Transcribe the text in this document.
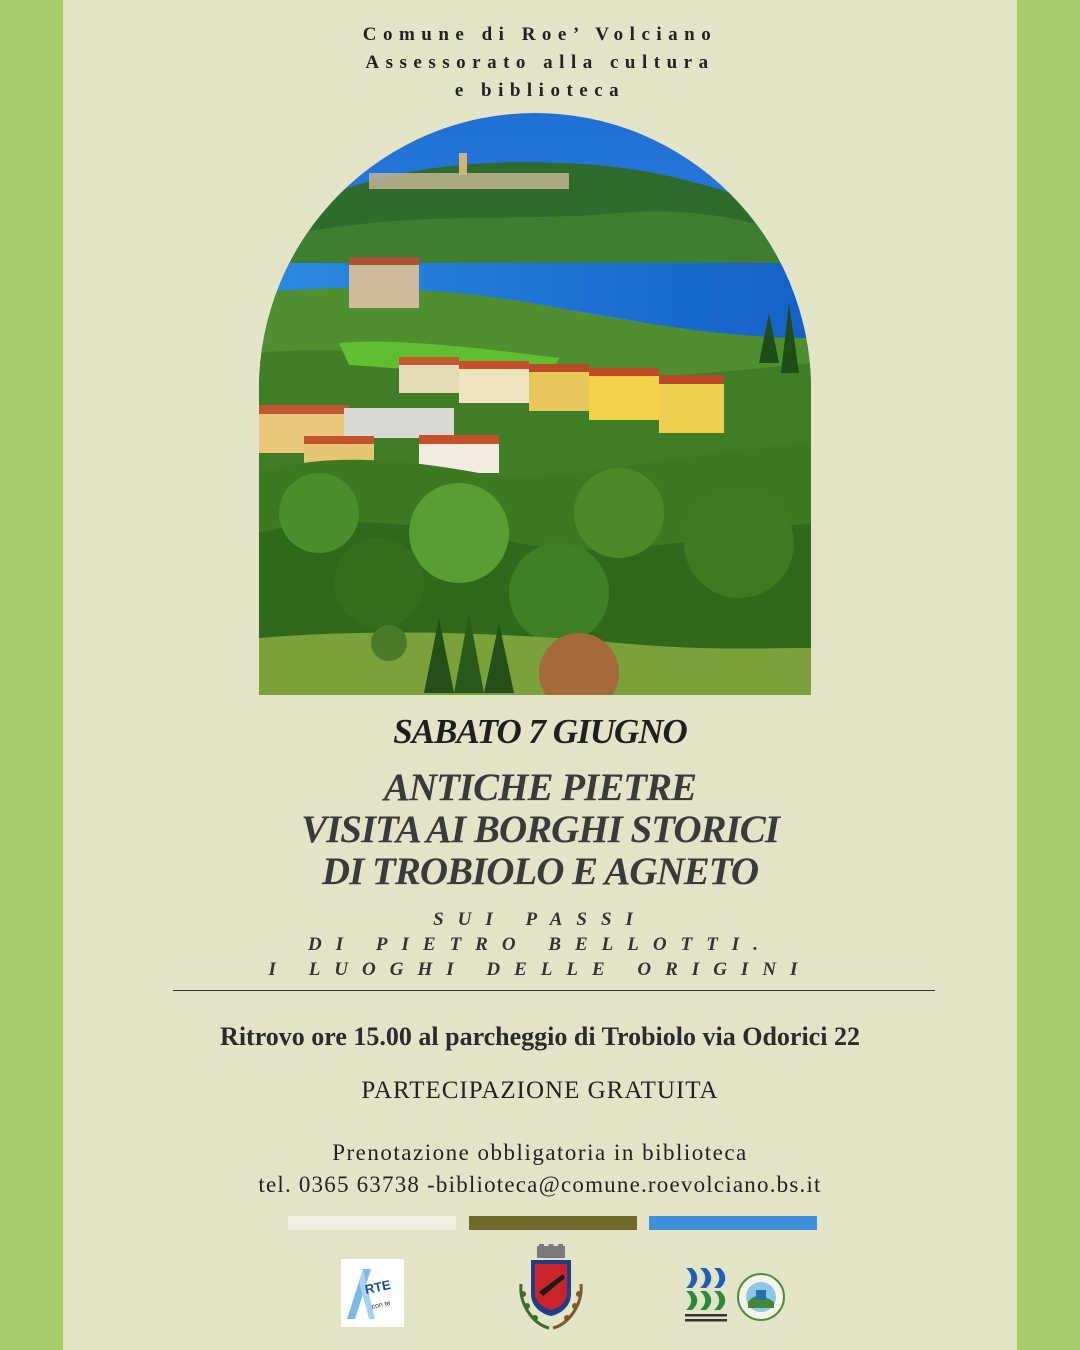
Comune di Roe’ Volciano
Assessorato alla cultura
e biblioteca
SABATO 7 GIUGNO
ANTICHE PIETRE
VISITA AI BORGHI STORICI
DI TROBIOLO E AGNETO
SUI PASSI
DI PIETRO BELLOTTI.
I LUOGHI DELLE ORIGINI
Ritrovo ore 15.00 al parcheggio di Trobiolo via Odorici 22
PARTECIPAZIONE GRATUITA
Prenotazione obbligatoria in biblioteca
tel. 0365 63738 -biblioteca@comune.roevolciano.bs.it
RTE
con te
